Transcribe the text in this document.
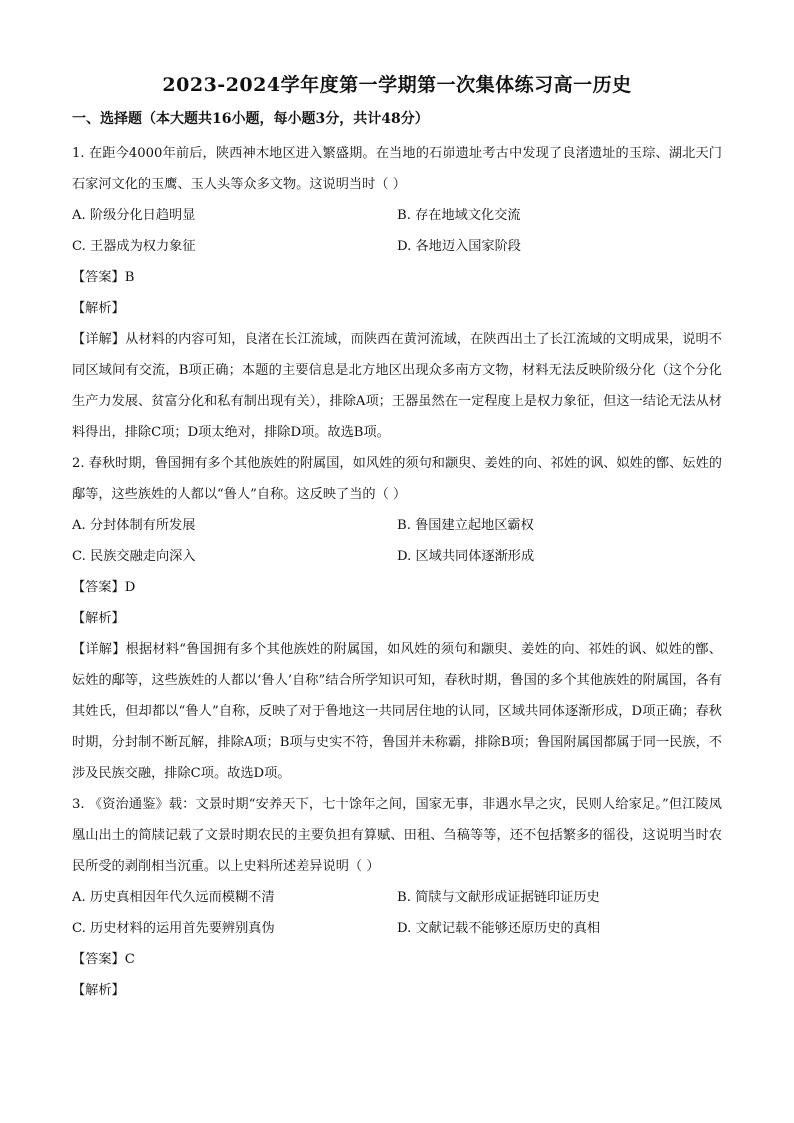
2023-2024学年度第一学期第一次集体练习高一历史
一、选择题（本大题共16小题，每小题3分，共计48分）
1. 在距今4000年前后，陕西神木地区进入繁盛期。在当地的石峁遗址考古中发现了良渚遗址的玉琮、湖北天门石家河文化的玉鹰、玉人头等众多文物。这说明当时（ ）
A. 阶级分化日趋明显	B. 存在地域文化交流
C. 王器成为权力象征	D. 各地迈入国家阶段
【答案】B
【解析】
【详解】从材料的内容可知，良渚在长江流域，而陕西在黄河流域，在陕西出土了长江流域的文明成果，说明不同区域间有交流，B项正确；本题的主要信息是北方地区出现众多南方文物，材料无法反映阶级分化（这个分化生产力发展、贫富分化和私有制出现有关），排除A项；王器虽然在一定程度上是权力象征，但这一结论无法从材料得出，排除C项；D项太绝对，排除D项。故选B项。
2. 春秋时期，鲁国拥有多个其他族姓的附属国，如风姓的须句和颛臾、姜姓的向、祁姓的讽、姒姓的鄫、妘姓的鄅等，这些族姓的人都以“鲁人”自称。这反映了当的（ ）
A. 分封体制有所发展	B. 鲁国建立起地区霸权
C. 民族交融走向深入	D. 区域共同体逐渐形成
【答案】D
【解析】
【详解】根据材料“鲁国拥有多个其他族姓的附属国，如风姓的须句和颛臾、姜姓的向、祁姓的讽、姒姓的鄫、妘姓的鄅等，这些族姓的人都以‘鲁人’自称”结合所学知识可知，春秋时期，鲁国的多个其他族姓的附属国，各有其姓氏，但却都以“鲁人”自称，反映了对于鲁地这一共同居住地的认同，区域共同体逐渐形成，D项正确；春秋时期，分封制不断瓦解，排除A项；B项与史实不符，鲁国并未称霸，排除B项；鲁国附属国都属于同一民族，不涉及民族交融，排除C项。故选D项。
3. 《资治通鉴》载：文景时期“安养天下，七十馀年之间，国家无事，非遇水旱之灾，民则人给家足。”但江陵凤凰山出土的简牍记载了文景时期农民的主要负担有算赋、田租、刍稿等等，还不包括繁多的徭役，这说明当时农民所受的剥削相当沉重。以上史料所述差异说明（ ）
A. 历史真相因年代久远而模糊不清	B. 简牍与文献形成证据链印证历史
C. 历史材料的运用首先要辨别真伪	D. 文献记载不能够还原历史的真相
【答案】C
【解析】
